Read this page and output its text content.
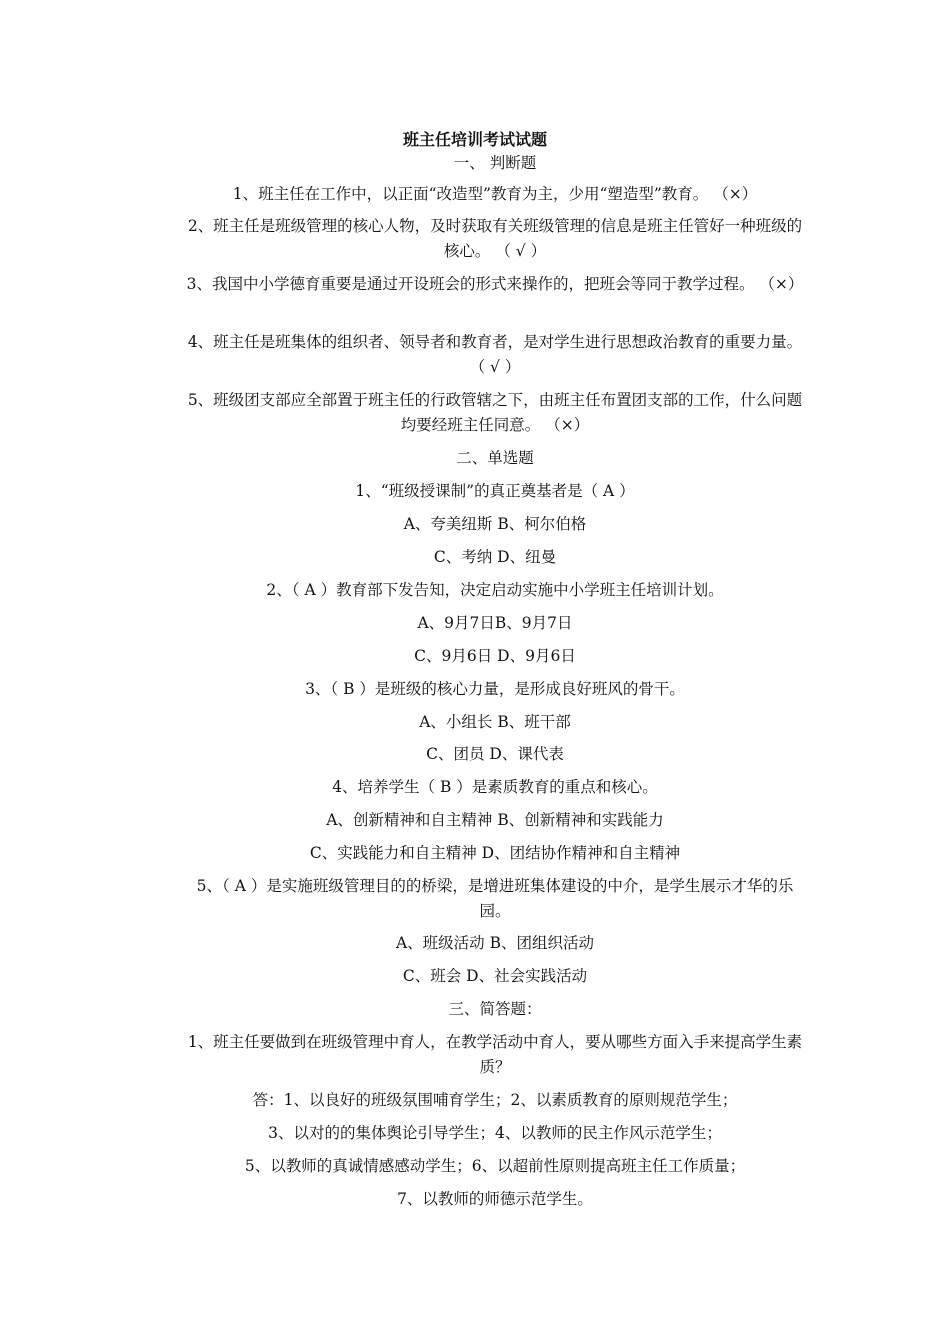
班主任培训考试试题
一、 判断题
1、班主任在工作中，以正面“改造型”教育为主，少用“塑造型”教育。 （×）
2、班主任是班级管理的核心人物，及时获取有关班级管理的信息是班主任管好一种班级的核心。 （ √ ）
3、我国中小学德育重要是通过开设班会的形式来操作的，把班会等同于教学过程。 （×）
4、班主任是班集体的组织者、领导者和教育者，是对学生进行思想政治教育的重要力量。 （ √ ）
5、班级团支部应全部置于班主任的行政管辖之下，由班主任布置团支部的工作，什么问题均要经班主任同意。 （×）
二、单选题
1、“班级授课制”的真正奠基者是（ A ）
A、夸美纽斯 B、柯尔伯格
C、考纳 D、纽曼
2、（ A ）教育部下发告知，决定启动实施中小学班主任培训计划。
A、9月7日B、9月7日
C、9月6日 D、9月6日
3、（ B ）是班级的核心力量，是形成良好班风的骨干。
A、小组长 B、班干部
C、团员 D、课代表
4、培养学生（ B ）是素质教育的重点和核心。
A、创新精神和自主精神 B、创新精神和实践能力
C、实践能力和自主精神 D、团结协作精神和自主精神
5、（ A ）是实施班级管理目的的桥梁，是增进班集体建设的中介，是学生展示才华的乐园。
A、班级活动 B、团组织活动
C、班会 D、社会实践活动
三、简答题：
1、班主任要做到在班级管理中育人，在教学活动中育人，要从哪些方面入手来提高学生素质？
答：1、以良好的班级氛围哺育学生；2、以素质教育的原则规范学生；
3、以对的的集体舆论引导学生；4、以教师的民主作风示范学生；
5、以教师的真诚情感感动学生；6、以超前性原则提高班主任工作质量；
7、以教师的师德示范学生。
